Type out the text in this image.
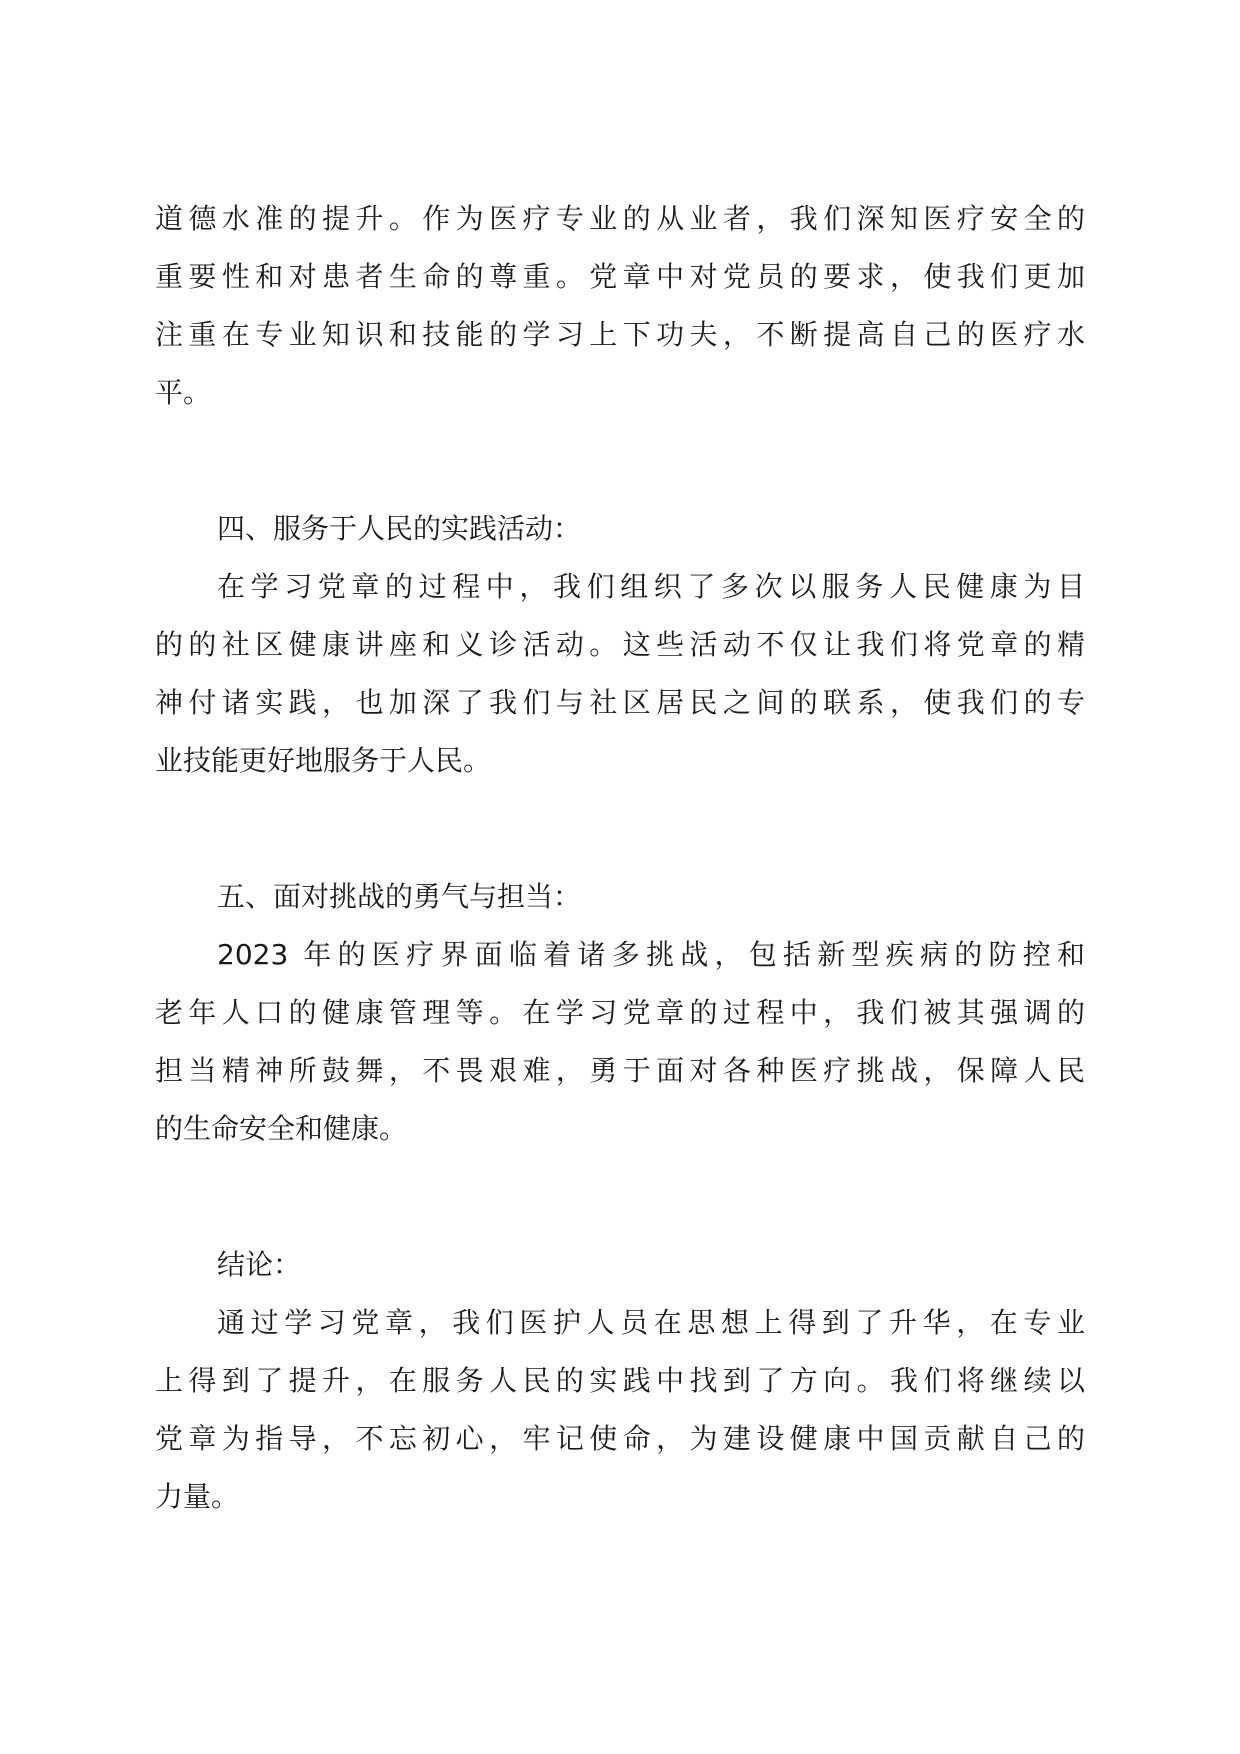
道德水准的提升。作为医疗专业的从业者，我们深知医疗安全的
重要性和对患者生命的尊重。党章中对党员的要求，使我们更加
注重在专业知识和技能的学习上下功夫，不断提高自己的医疗水
平。
四、服务于人民的实践活动：
在学习党章的过程中，我们组织了多次以服务人民健康为目
的的社区健康讲座和义诊活动。这些活动不仅让我们将党章的精
神付诸实践，也加深了我们与社区居民之间的联系，使我们的专
业技能更好地服务于人民。
五、面对挑战的勇气与担当：
2023 年的医疗界面临着诸多挑战，包括新型疾病的防控和
老年人口的健康管理等。在学习党章的过程中，我们被其强调的
担当精神所鼓舞，不畏艰难，勇于面对各种医疗挑战，保障人民
的生命安全和健康。
结论：
通过学习党章，我们医护人员在思想上得到了升华，在专业
上得到了提升，在服务人民的实践中找到了方向。我们将继续以
党章为指导，不忘初心，牢记使命，为建设健康中国贡献自己的
力量。
